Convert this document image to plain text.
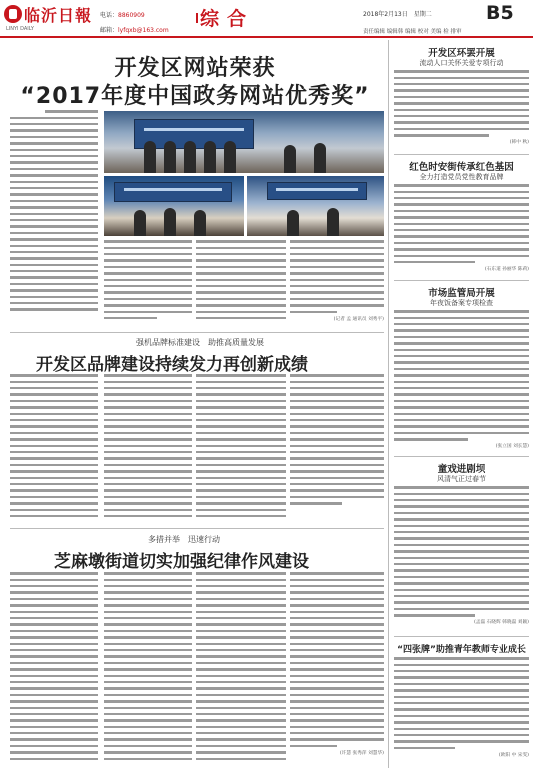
临沂日報
LINYI DAILY
电话：8860909
邮箱：lyfqxb@163.com
综合	2018年2月13日　星期二	B5
责任编辑 编辑韩 编辑 校对 美编 检 排审
开发区网站荣获
“2017年度中国政务网站优秀奖”
(记者 孟 通讯员 刘秀平)
强机品牌标准建设　助推高质量发展
开发区品牌建设持续发力再创新成绩
多措并举　迅速行动
芝麻墩街道切实加强纪律作风建设
(许慧 张秀萍 刘慧华)
开发区环罢开展
流动人口关怀关爱专项行动
(韩中 秋)
红色时安街传承红色基因
全力打造党员党性教育品牌
(石东道 孙丽华 陈莉)
市场监管局开展
年夜饭备案专项检查
(张立国 刘长慧)
童戏进剧坝
风清气正过春节
(孟磊 石晓辉 韩晓磊 刘颖)
“四张牌”助推青年教师专业成长
(欧阳 中 宋雯)
